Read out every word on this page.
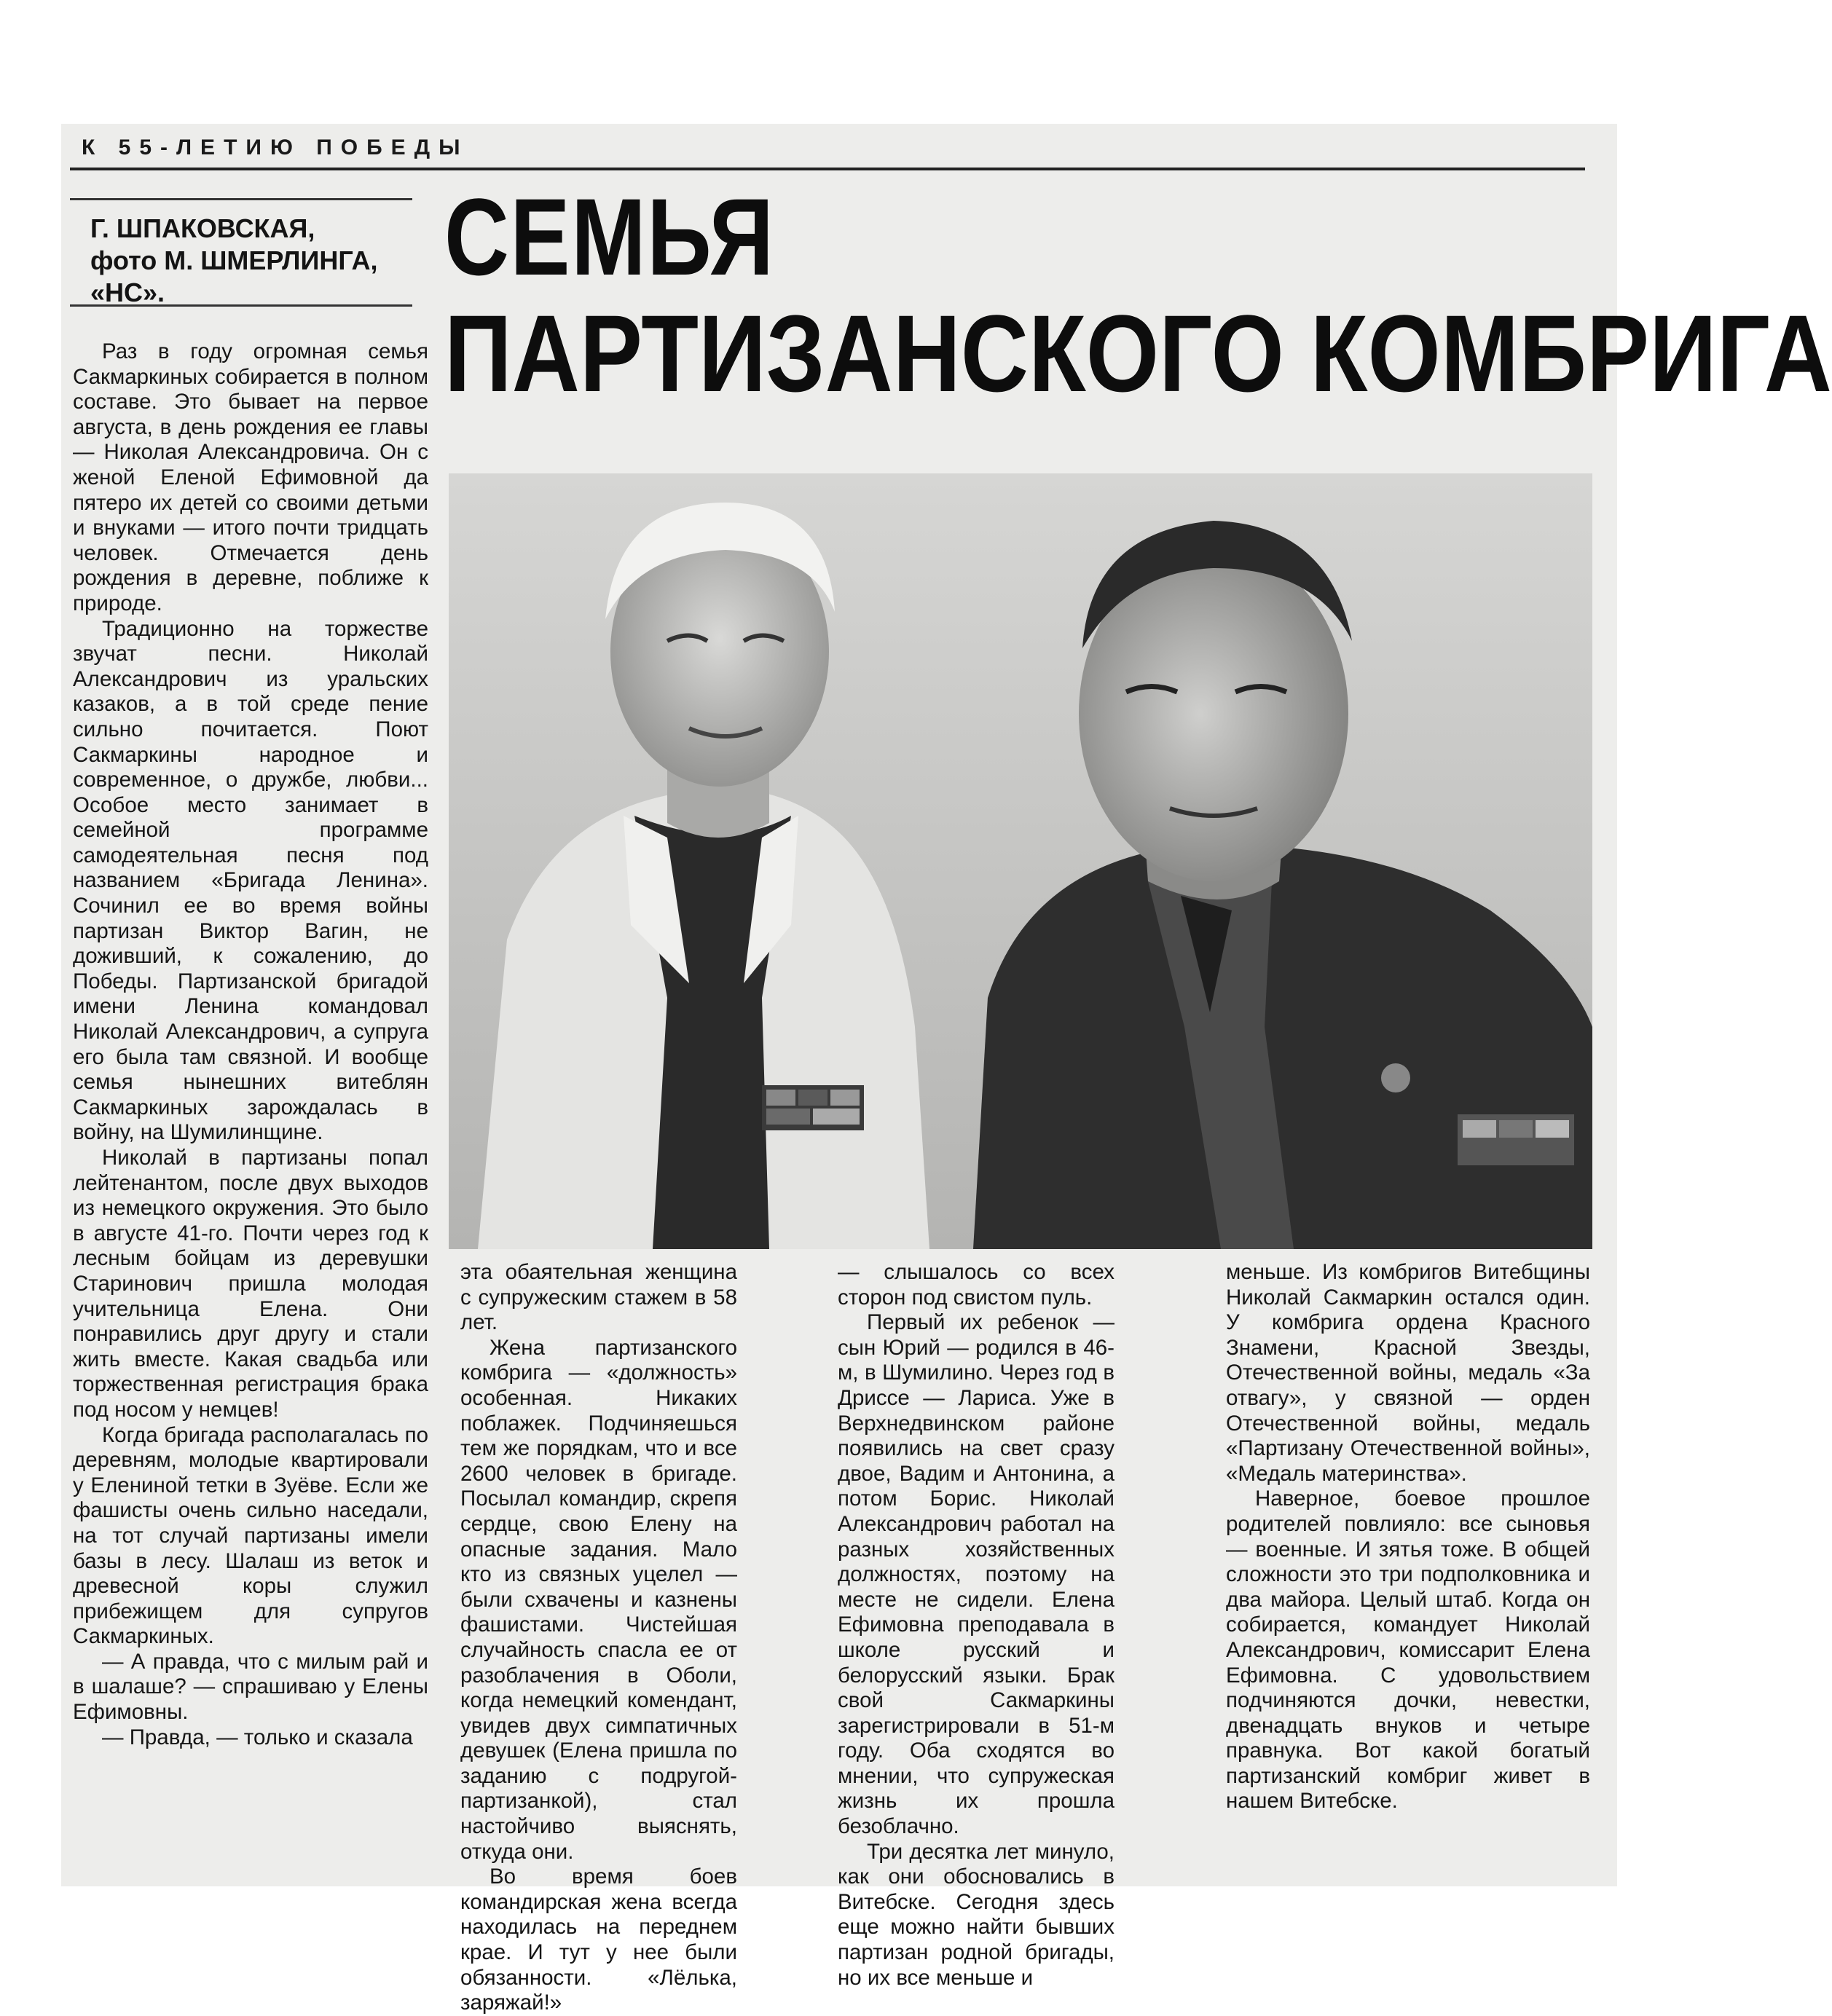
К 55-ЛЕТИЮ ПОБЕДЫ
Г. ШПАКОВСКАЯ,
фото М. ШМЕРЛИНГА,
«НС».	СЕМЬЯ
ПАРТИЗАНСКОГО КОМБРИГА

Раз в году огромная семья Сакмаркиных собирается в полном составе. Это бывает на первое августа, в день рождения ее главы — Николая Александровича. Он с женой Еленой Ефимовной да пятеро их детей со своими детьми и внуками — итого почти тридцать человек. Отмечается день рождения в деревне, поближе к природе.

Традиционно на торжестве звучат песни. Николай Александрович из уральских казаков, а в той среде пение сильно почитается. Поют Сакмаркины народное и современное, о дружбе, любви... Особое место занимает в семейной программе самодеятельная песня под названием «Бригада Ленина». Сочинил ее во время войны партизан Виктор Вагин, не доживший, к сожалению, до Победы. Партизанской бригадой имени Ленина командовал Николай Александрович, а супруга его была там связной. И вообще семья нынешних витеблян Сакмаркиных зарождалась в войну, на Шумилинщине.

Николай в партизаны попал лейтенантом, после двух выходов из немецкого окружения. Это было в августе 41-го. Почти через год к лесным бойцам из деревушки Старинович пришла молодая учительница Елена. Они понравились друг другу и стали жить вместе. Какая свадьба или торжественная регистрация брака под носом у немцев!

Когда бригада располагалась по деревням, молодые квартировали у Елениной тетки в Зуёве. Если же фашисты очень сильно наседали, на тот случай партизаны имели базы в лесу. Шалаш из веток и древесной коры служил прибежищем для супругов Сакмаркиных.

— А правда, что с милым рай и в шалаше? — спрашиваю у Елены Ефимовны.

— Правда, — только и сказала

эта обаятельная женщина с супружеским стажем в 58 лет.

Жена партизанского комбрига — «должность» особенная. Никаких поблажек. Подчиняешься тем же порядкам, что и все 2600 человек в бригаде. Посылал командир, скрепя сердце, свою Елену на опасные задания. Мало кто из связных уцелел — были схвачены и казнены фашистами. Чистейшая случайность спасла ее от разоблачения в Оболи, когда немецкий комендант, увидев двух симпатичных девушек (Елена пришла по заданию с подругой-партизанкой), стал настойчиво выяснять, откуда они.

Во время боев командирская жена всегда находилась на переднем крае. И тут у нее были обязанности. «Лёлька, заряжай!»

— слышалось со всех сторон под свистом пуль.

Первый их ребенок — сын Юрий — родился в 46-м, в Шумилино. Через год в Дриссе — Лариса. Уже в Верхнедвинском районе появились на свет сразу двое, Вадим и Антонина, а потом Борис. Николай Александрович работал на разных хозяйственных должностях, поэтому на месте не сидели. Елена Ефимовна преподавала в школе русский и белорусский языки. Брак свой Сакмаркины зарегистрировали в 51-м году. Оба сходятся во мнении, что супружеская жизнь их прошла безоблачно.

Три десятка лет минуло, как они обосновались в Витебске. Сегодня здесь еще можно найти бывших партизан родной бригады, но их все меньше и

меньше. Из комбригов Витебщины Николай Сакмаркин остался один. У комбрига ордена Красного Знамени, Красной Звезды, Отечественной войны, медаль «За отвагу», у связной — орден Отечественной войны, медаль «Партизану Отечественной войны», «Медаль материнства».

Наверное, боевое прошлое родителей повлияло: все сыновья — военные. И зятья тоже. В общей сложности это три подполковника и два майора. Целый штаб. Когда он собирается, командует Николай Александрович, комиссарит Елена Ефимовна. С удовольствием подчиняются дочки, невестки, двенадцать внуков и четыре правнука. Вот какой богатый партизанский комбриг живет в нашем Витебске.
